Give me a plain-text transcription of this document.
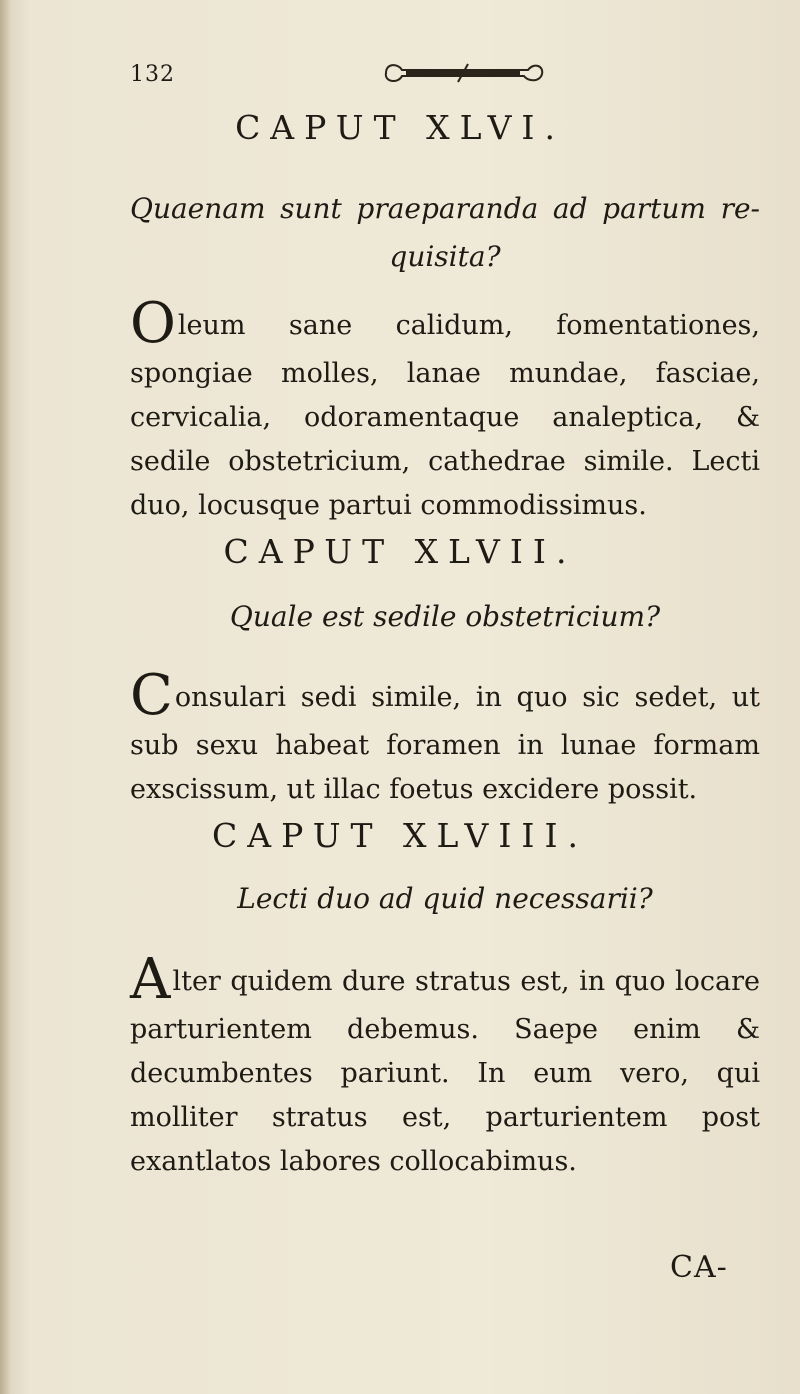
132
CAPUT XLVI.
Quaenam sunt praeparanda ad partum re-
quisita?
Oleum sane calidum, fomentationes, spongiae molles, lanae mundae, fasciae, cervicalia, odoramentaque analeptica, & sedile obstetricium, cathedrae simile. Lecti duo, locusque partui commodissimus.
CAPUT XLVII.
Quale est sedile obstetricium?
Consulari sedi simile, in quo sic sedet, ut sub sexu habeat foramen in lunae formam exscissum, ut illac foetus excidere possit.
CAPUT XLVIII.
Lecti duo ad quid necessarii?
Alter quidem dure stratus est, in quo locare parturientem debemus. Saepe enim & decumbentes pariunt. In eum vero, qui molliter stratus est, parturientem post exantlatos labores collocabimus.
CA-
